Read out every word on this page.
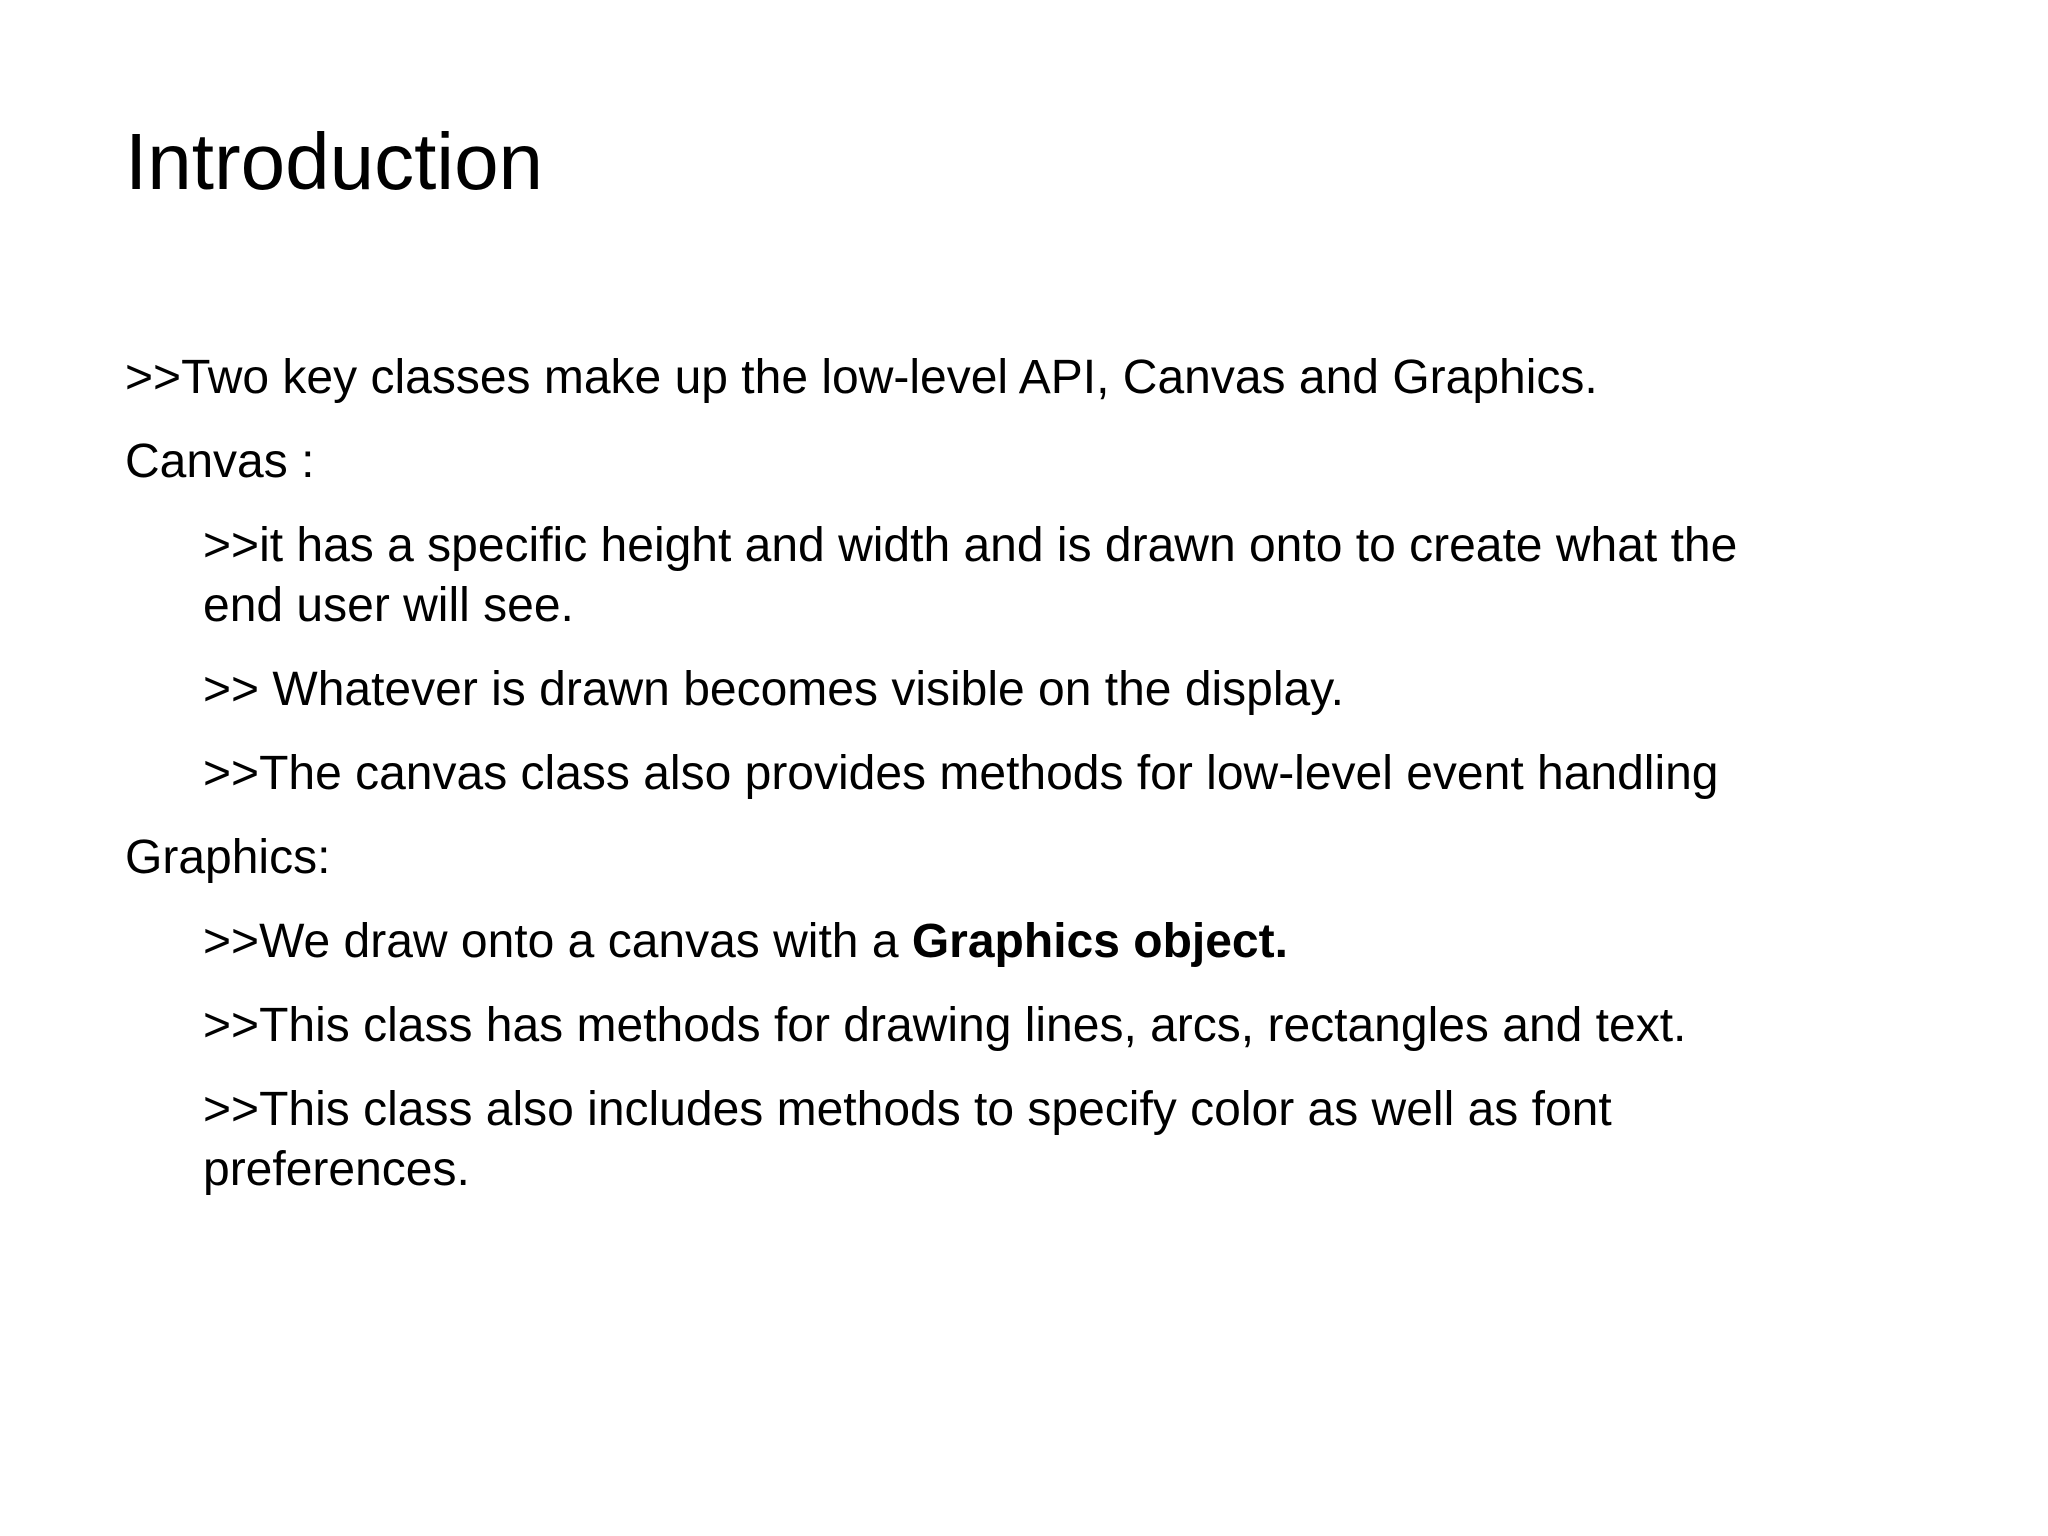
Introduction
>>Two key classes make up the low-level API, Canvas and Graphics.
Canvas :
>>it has a specific height and width and is drawn onto to create what the
end user will see.
>> Whatever is drawn becomes visible on the display.
>>The canvas class also provides methods for low-level event handling
Graphics:
>>We draw onto a canvas with a Graphics object.
>>This class has methods for drawing lines, arcs, rectangles and text.
>>This class also includes methods to specify color as well as font
preferences.
